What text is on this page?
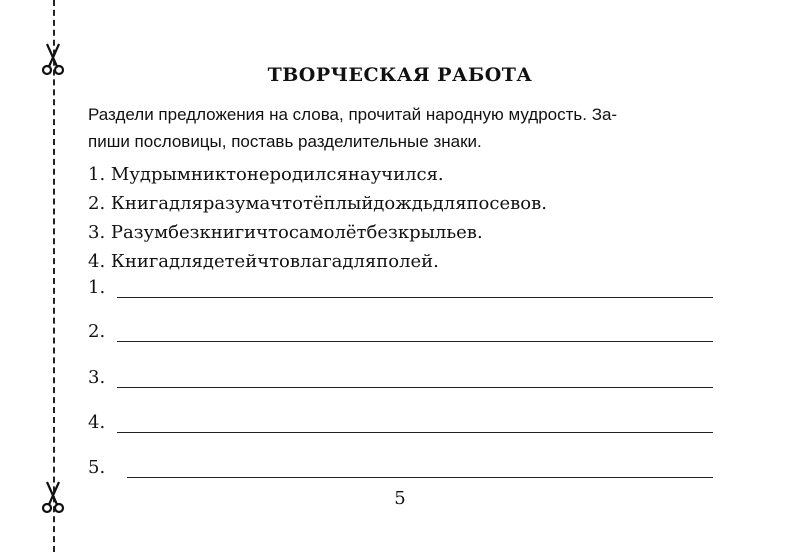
ТВОРЧЕСКАЯ РАБОТА
Раздели предложения на слова, прочитай народную мудрость. За-
пиши пословицы, поставь разделительные знаки.
1. Мудрымниктонеродилсянаучился.
2. Книгадляразумачтотёплыйдождьдляпосевов.
3. Разумбезкнигичтосамолётбезкрыльев.
4. Книгадлядетейчтовлагадляполей.
1.
2.
3.
4.
5.
5
